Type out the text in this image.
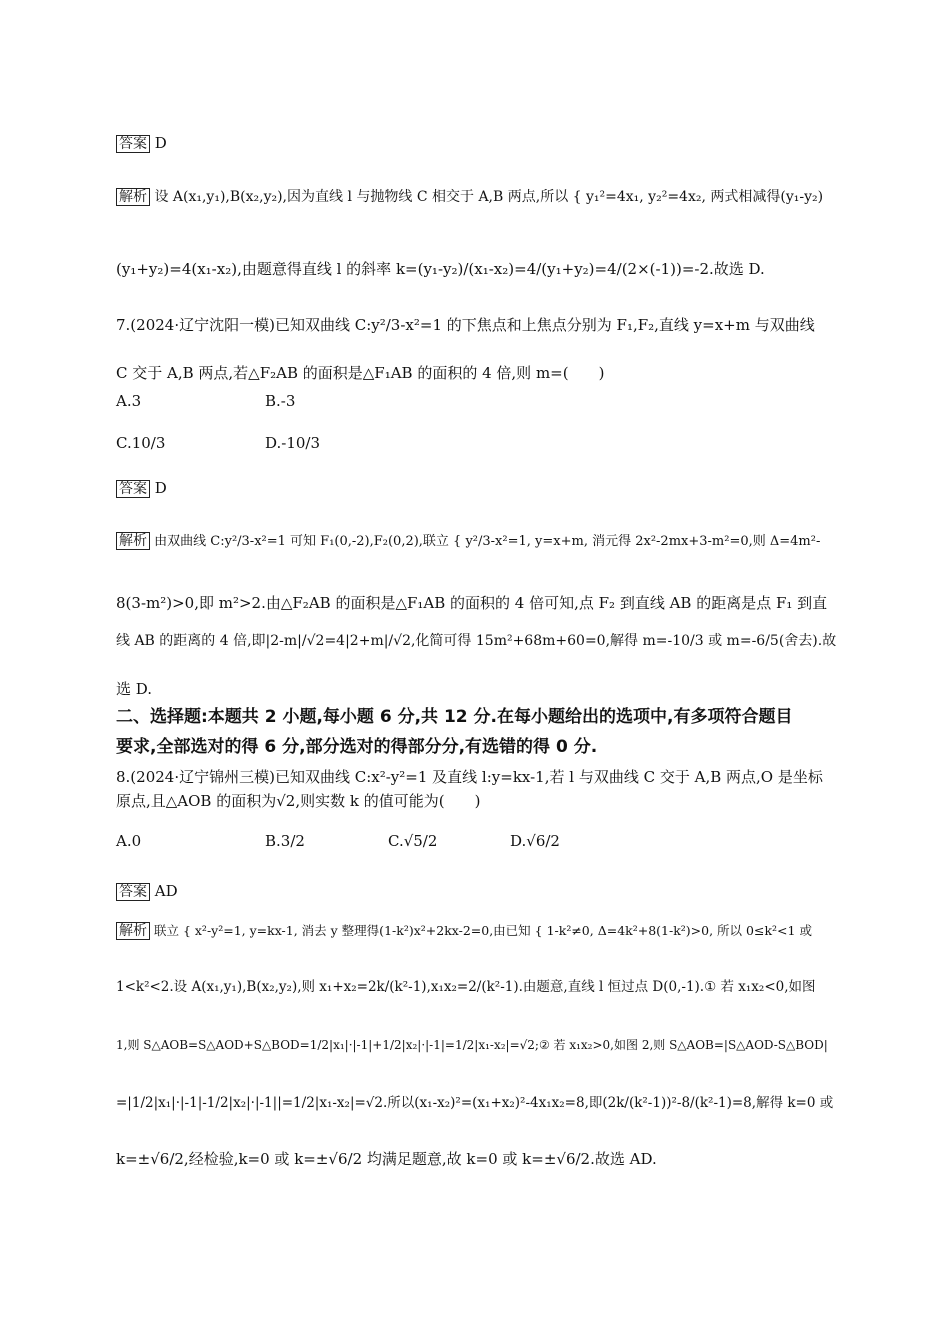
答案 D
解析 设 A(x₁,y₁),B(x₂,y₂),因为直线 l 与抛物线 C 相交于 A,B 两点,所以 { y₁²=4x₁, y₂²=4x₂, 两式相减得(y₁-y₂)
(y₁+y₂)=4(x₁-x₂),由题意得直线 l 的斜率 k=(y₁-y₂)/(x₁-x₂)=4/(y₁+y₂)=4/(2×(-1))=-2.故选 D.
7.(2024·辽宁沈阳一模)已知双曲线 C:y²/3-x²=1 的下焦点和上焦点分别为 F₁,F₂,直线 y=x+m 与双曲线
C 交于 A,B 两点,若△F₂AB 的面积是△F₁AB 的面积的 4 倍,则 m=(　　)
A.3	B.-3
C.10/3	D.-10/3
答案 D
解析 由双曲线 C:y²/3-x²=1 可知 F₁(0,-2),F₂(0,2),联立 { y²/3-x²=1, y=x+m, 消元得 2x²-2mx+3-m²=0,则 Δ=4m²-
8(3-m²)>0,即 m²>2.由△F₂AB 的面积是△F₁AB 的面积的 4 倍可知,点 F₂ 到直线 AB 的距离是点 F₁ 到直
线 AB 的距离的 4 倍,即|2-m|/√2=4|2+m|/√2,化简可得 15m²+68m+60=0,解得 m=-10/3 或 m=-6/5(舍去).故
选 D.
二、选择题:本题共 2 小题,每小题 6 分,共 12 分.在每小题给出的选项中,有多项符合题目
要求,全部选对的得 6 分,部分选对的得部分分,有选错的得 0 分.
8.(2024·辽宁锦州三模)已知双曲线 C:x²-y²=1 及直线 l:y=kx-1,若 l 与双曲线 C 交于 A,B 两点,O 是坐标
原点,且△AOB 的面积为√2,则实数 k 的值可能为(　　)
A.0	B.3/2	C.√5/2	D.√6/2
答案 AD
解析 联立 { x²-y²=1, y=kx-1, 消去 y 整理得(1-k²)x²+2kx-2=0,由已知 { 1-k²≠0, Δ=4k²+8(1-k²)>0, 所以 0≤k²<1 或
1<k²<2.设 A(x₁,y₁),B(x₂,y₂),则 x₁+x₂=2k/(k²-1),x₁x₂=2/(k²-1).由题意,直线 l 恒过点 D(0,-1).① 若 x₁x₂<0,如图
1,则 S△AOB=S△AOD+S△BOD=1/2|x₁|·|-1|+1/2|x₂|·|-1|=1/2|x₁-x₂|=√2;② 若 x₁x₂>0,如图 2,则 S△AOB=|S△AOD-S△BOD|
=|1/2|x₁|·|-1|-1/2|x₂|·|-1||=1/2|x₁-x₂|=√2.所以(x₁-x₂)²=(x₁+x₂)²-4x₁x₂=8,即(2k/(k²-1))²-8/(k²-1)=8,解得 k=0 或
k=±√6/2,经检验,k=0 或 k=±√6/2 均满足题意,故 k=0 或 k=±√6/2.故选 AD.
